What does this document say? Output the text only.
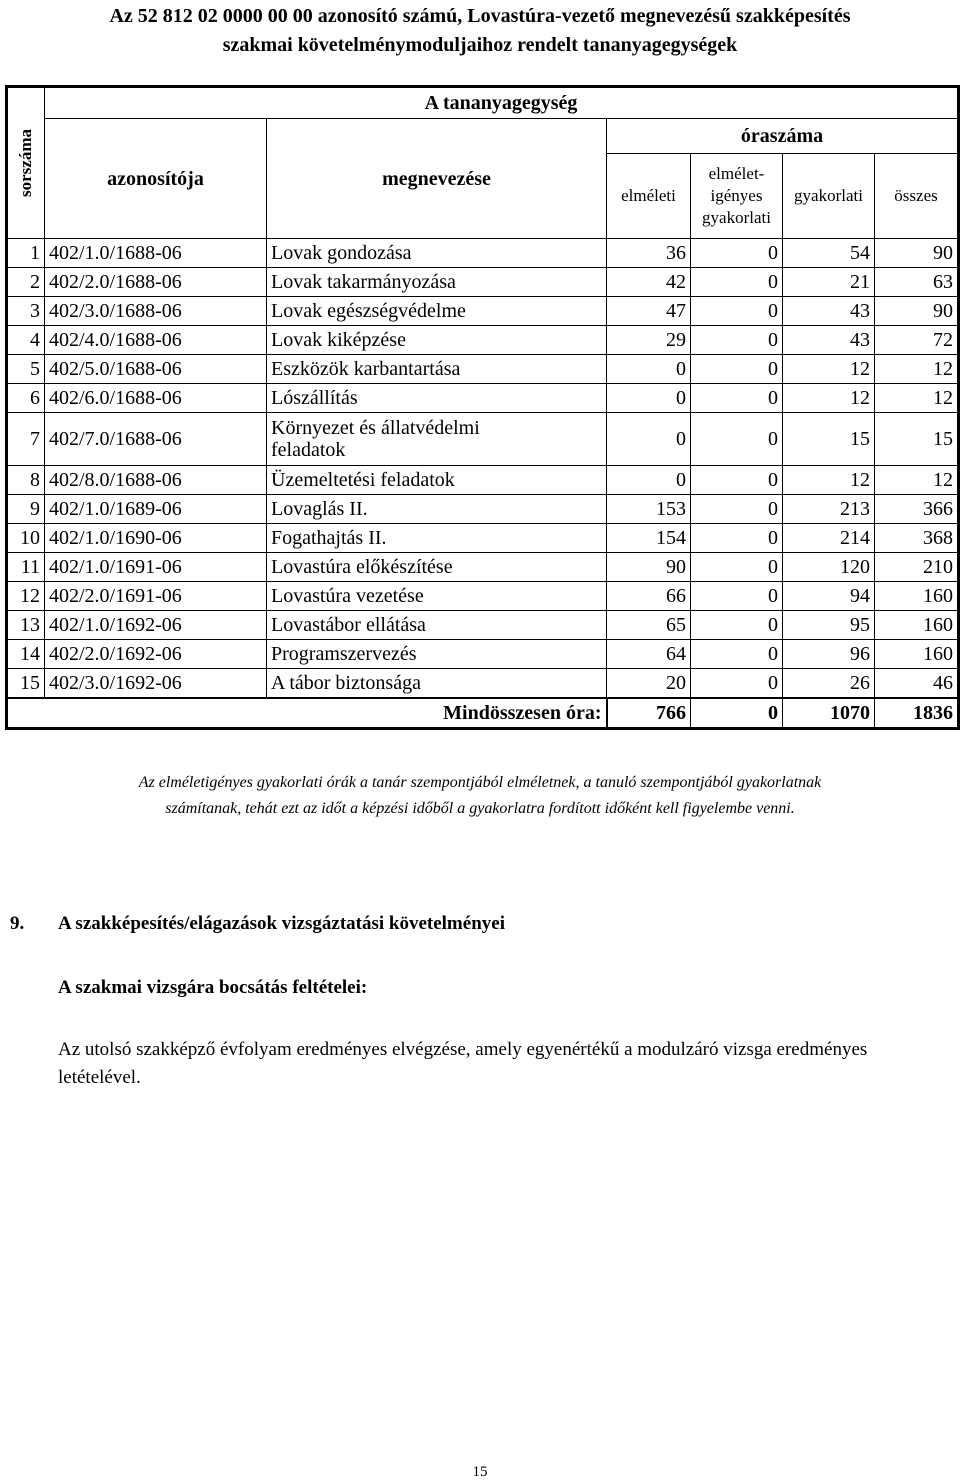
Az 52 812 02 0000 00 00 azonosító számú, Lovastúra-vezető megnevezésű szakképesítés
szakmai követelménymoduljaihoz rendelt tananyagegységek
sorszáma	A tananyagegység					
	azonosítója	megnevezése	óraszáma			
			elméleti	elmélet-igényes gyakorlati	gyakorlati	összes
1	402/1.0/1688-06	Lovak gondozása	36	0	54	90
2	402/2.0/1688-06	Lovak takarmányozása	42	0	21	63
3	402/3.0/1688-06	Lovak egészségvédelme	47	0	43	90
4	402/4.0/1688-06	Lovak kiképzése	29	0	43	72
5	402/5.0/1688-06	Eszközök karbantartása	0	0	12	12
6	402/6.0/1688-06	Lószállítás	0	0	12	12
7	402/7.0/1688-06	Környezet és állatvédelmi feladatok	0	0	15	15
8	402/8.0/1688-06	Üzemeltetési feladatok	0	0	12	12
9	402/1.0/1689-06	Lovaglás II.	153	0	213	366
10	402/1.0/1690-06	Fogathajtás II.	154	0	214	368
11	402/1.0/1691-06	Lovastúra előkészítése	90	0	120	210
12	402/2.0/1691-06	Lovastúra vezetése	66	0	94	160
13	402/1.0/1692-06	Lovastábor ellátása	65	0	95	160
14	402/2.0/1692-06	Programszervezés	64	0	96	160
15	402/3.0/1692-06	A tábor biztonsága	20	0	26	46
Mindösszesen óra:			766	0	1070	1836
Az elméletigényes gyakorlati órák a tanár szempontjából elméletnek, a tanuló szempontjából gyakorlatnak
számítanak, tehát ezt az időt a képzési időből a gyakorlatra fordított időként kell figyelembe venni.
9. A szakképesítés/elágazások vizsgáztatási követelményei
A szakmai vizsgára bocsátás feltételei:
Az utolsó szakképző évfolyam eredményes elvégzése, amely egyenértékű a modulzáró vizsga eredményes letételével.
15
